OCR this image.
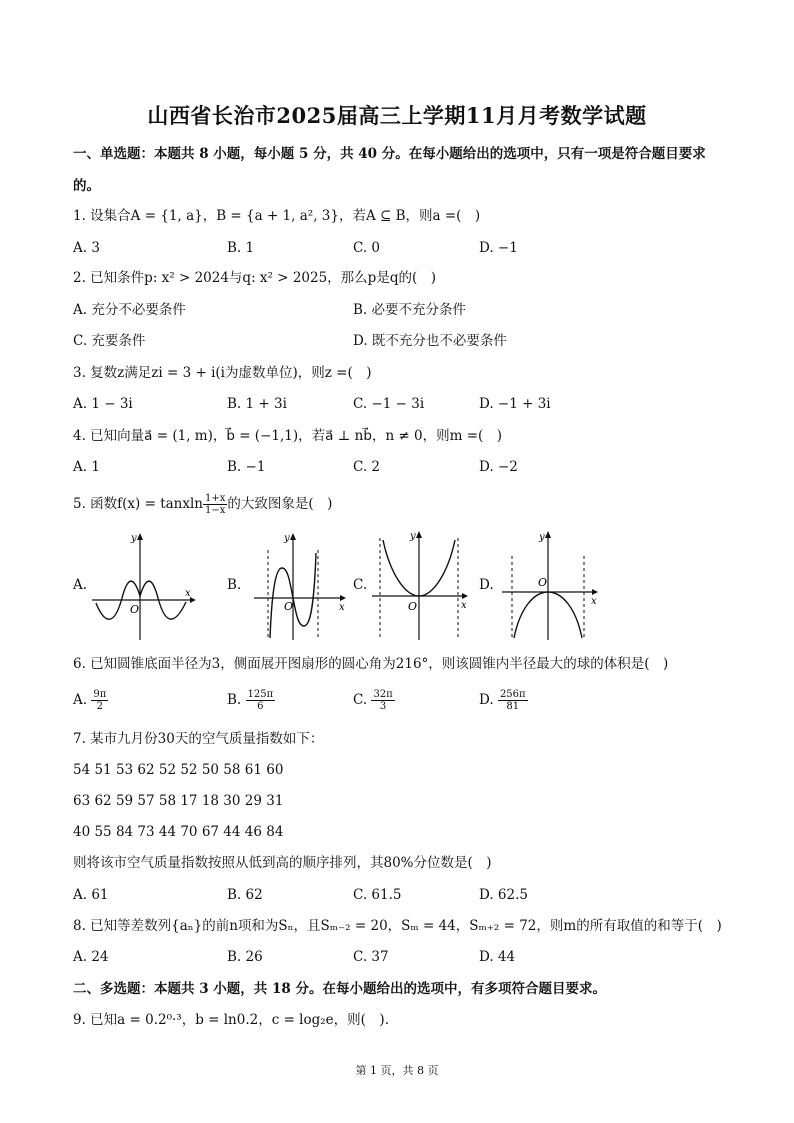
山西省长治市2025届高三上学期11月月考数学试题
一、单选题：本题共 8 小题，每小题 5 分，共 40 分。在每小题给出的选项中，只有一项是符合题目要求
的。
1. 设集合A = {1, a}，B = {a + 1, a², 3}，若A ⊆ B，则a =(　)
A. 3	B. 1	C. 0	D. −1
2. 已知条件p: x² > 2024与q: x² > 2025，那么p是q的(　)
A. 充分不必要条件	B. 必要不充分条件
C. 充要条件	D. 既不充分也不必要条件
3. 复数z满足zi = 3 + i(i为虚数单位)，则z =(　)
A. 1 − 3i	B. 1 + 3i	C. −1 − 3i	D. −1 + 3i
4. 已知向量a⃗ = (1, m)，b⃗ = (−1,1)，若a⃗ ⊥ nb⃗，n ≠ 0，则m =(　)
A. 1	B. −1	C. 2	D. −2
5. 函数f(x) = tanxln $\frac{1+x}{1-x}$ 的大致图象是(　)
A.	B.	C.	D.
y
x
O
y
x
O
y
x
O
y
x
O
6. 已知圆锥底面半径为3，侧面展开图扇形的圆心角为216°，则该圆锥内半径最大的球的体积是(　)
A. $\frac{9\pi}{2}$	B. $\frac{125\pi}{6}$	C. $\frac{32\pi}{3}$	D. $\frac{256\pi}{81}$
7. 某市九月份30天的空气质量指数如下：
54 51 53 62 52 52 50 58 61 60
63 62 59 57 58 17 18 30 29 31
40 55 84 73 44 70 67 44 46 84
则将该市空气质量指数按照从低到高的顺序排列，其80%分位数是(　)
A. 61	B. 62	C. 61.5	D. 62.5
8. 已知等差数列{aₙ}的前n项和为Sₙ，且Sₘ₋₂ = 20，Sₘ = 44，Sₘ₊₂ = 72，则m的所有取值的和等于(　)
A. 24	B. 26	C. 37	D. 44
二、多选题：本题共 3 小题，共 18 分。在每小题给出的选项中，有多项符合题目要求。
9. 已知a = 0.2⁰·³，b = ln0.2，c = log₂e，则(　).
第 1 页，共 8 页
